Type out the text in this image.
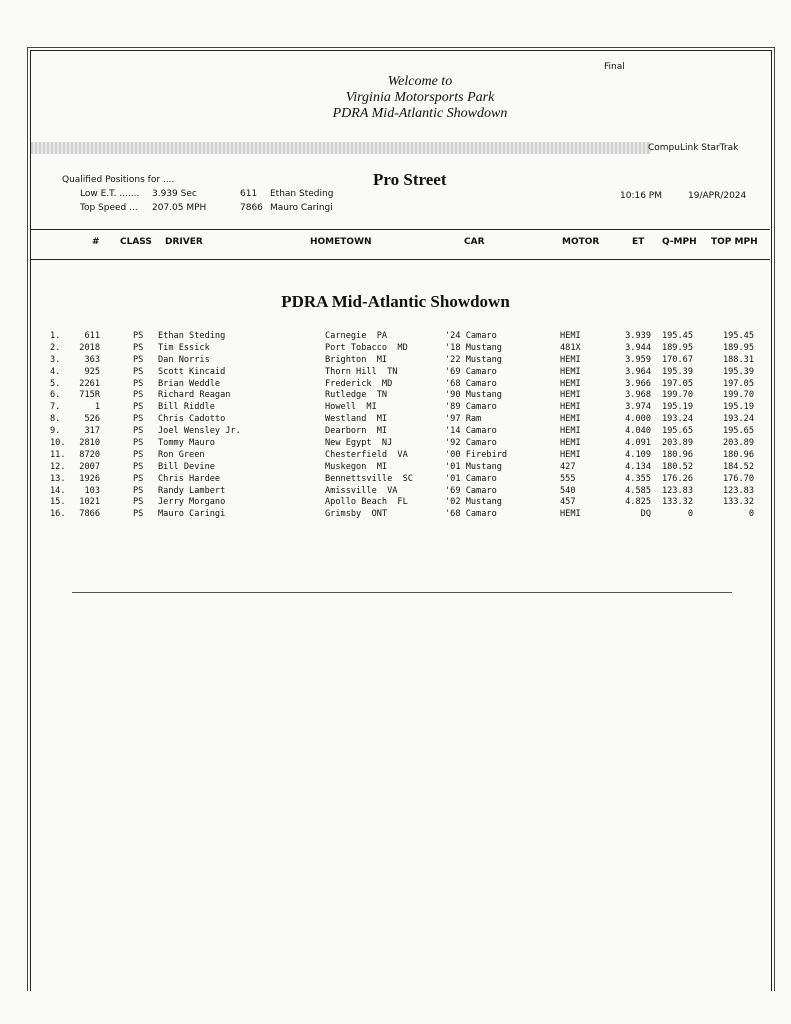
Final
Welcome to
Virginia Motorsports Park
PDRA Mid-Atlantic Showdown
CompuLink StarTrak
Qualified Positions for ....	Pro Street
Low E.T. ....... 3.939 Sec	611 Ethan Steding
Top Speed ... 207.05 MPH	7866 Mauro Caringi
10:16 PM	19/APR/2024
# CLASS DRIVER	HOMETOWN	CAR	MOTOR	ET Q-MPH TOP MPH
PDRA Mid-Atlantic Showdown
1.	611	PS Ethan Steding	Carnegie  PA	'24 Camaro	HEMI	3.939	195.45	195.45
2.	2018	PS Tim Essick	Port Tobacco  MD	'18 Mustang	481X	3.944	189.95	189.95
3.	363	PS Dan Norris	Brighton  MI	'22 Mustang	HEMI	3.959	170.67	188.31
4.	925	PS Scott Kincaid	Thorn Hill  TN	'69 Camaro	HEMI	3.964	195.39	195.39
5.	2261	PS Brian Weddle	Frederick  MD	'68 Camaro	HEMI	3.966	197.05	197.05
6.	715R	PS Richard Reagan	Rutledge  TN	'90 Mustang	HEMI	3.968	199.70	199.70
7.	1	PS Bill Riddle	Howell  MI	'89 Camaro	HEMI	3.974	195.19	195.19
8.	526	PS Chris Cadotto	Westland  MI	'97 Ram	HEMI	4.000	193.24	193.24
9.	317	PS Joel Wensley Jr.	Dearborn  MI	'14 Camaro	HEMI	4.040	195.65	195.65
10.	2810	PS Tommy Mauro	New Egypt  NJ	'92 Camaro	HEMI	4.091	203.89	203.89
11.	8720	PS Ron Green	Chesterfield  VA	'00 Firebird	HEMI	4.109	180.96	180.96
12.	2007	PS Bill Devine	Muskegon  MI	'01 Mustang	427	4.134	180.52	184.52
13.	1926	PS Chris Hardee	Bennettsville  SC	'01 Camaro	555	4.355	176.26	176.70
14.	103	PS Randy Lambert	Amissville  VA	'69 Camaro	540	4.585	123.83	123.83
15.	1021	PS Jerry Morgano	Apollo Beach  FL	'02 Mustang	457	4.825	133.32	133.32
16.	7866	PS Mauro Caringi	Grimsby  ONT	'68 Camaro	HEMI	DQ	0	0
